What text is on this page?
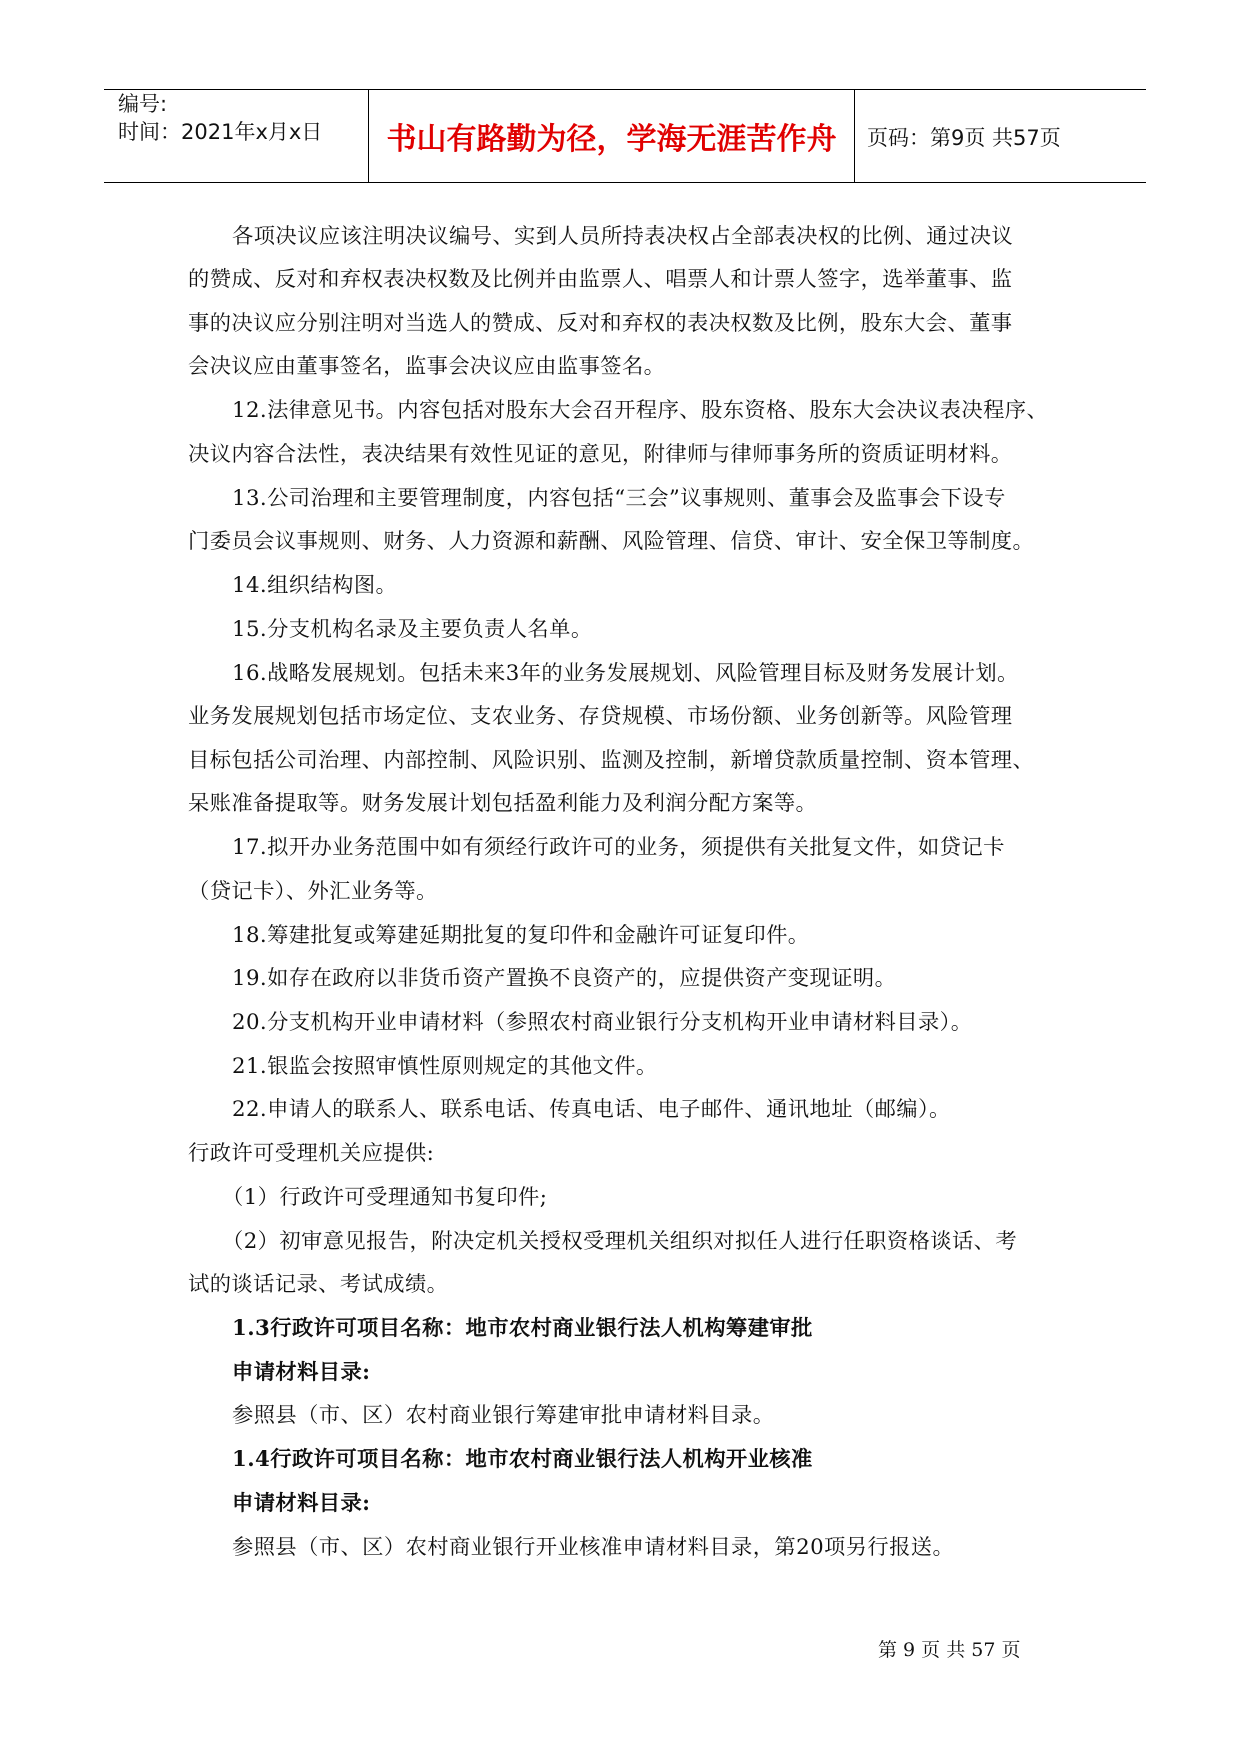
编号:
时间：2021年x月x日	书山有路勤为径，学海无涯苦作舟	页码：第9页 共57页
各项决议应该注明决议编号、实到人员所持表决权占全部表决权的比例、通过决议
的赞成、反对和弃权表决权数及比例并由监票人、唱票人和计票人签字，选举董事、监
事的决议应分别注明对当选人的赞成、反对和弃权的表决权数及比例，股东大会、董事
会决议应由董事签名，监事会决议应由监事签名。
12.法律意见书。内容包括对股东大会召开程序、股东资格、股东大会决议表决程序、
决议内容合法性，表决结果有效性见证的意见，附律师与律师事务所的资质证明材料。
13.公司治理和主要管理制度，内容包括“三会”议事规则、董事会及监事会下设专
门委员会议事规则、财务、人力资源和薪酬、风险管理、信贷、审计、安全保卫等制度。
14.组织结构图。
15.分支机构名录及主要负责人名单。
16.战略发展规划。包括未来3年的业务发展规划、风险管理目标及财务发展计划。
业务发展规划包括市场定位、支农业务、存贷规模、市场份额、业务创新等。风险管理
目标包括公司治理、内部控制、风险识别、监测及控制，新增贷款质量控制、资本管理、
呆账准备提取等。财务发展计划包括盈利能力及利润分配方案等。
17.拟开办业务范围中如有须经行政许可的业务，须提供有关批复文件，如贷记卡
（贷记卡）、外汇业务等。
18.筹建批复或筹建延期批复的复印件和金融许可证复印件。
19.如存在政府以非货币资产置换不良资产的，应提供资产变现证明。
20.分支机构开业申请材料（参照农村商业银行分支机构开业申请材料目录）。
21.银监会按照审慎性原则规定的其他文件。
22.申请人的联系人、联系电话、传真电话、电子邮件、通讯地址（邮编）。
行政许可受理机关应提供:
（1）行政许可受理通知书复印件;
（2）初审意见报告，附决定机关授权受理机关组织对拟任人进行任职资格谈话、考
试的谈话记录、考试成绩。
1.3行政许可项目名称：地市农村商业银行法人机构筹建审批
申请材料目录:
参照县（市、区）农村商业银行筹建审批申请材料目录。
1.4行政许可项目名称：地市农村商业银行法人机构开业核准
申请材料目录:
参照县（市、区）农村商业银行开业核准申请材料目录，第20项另行报送。
第 9 页 共 57 页
